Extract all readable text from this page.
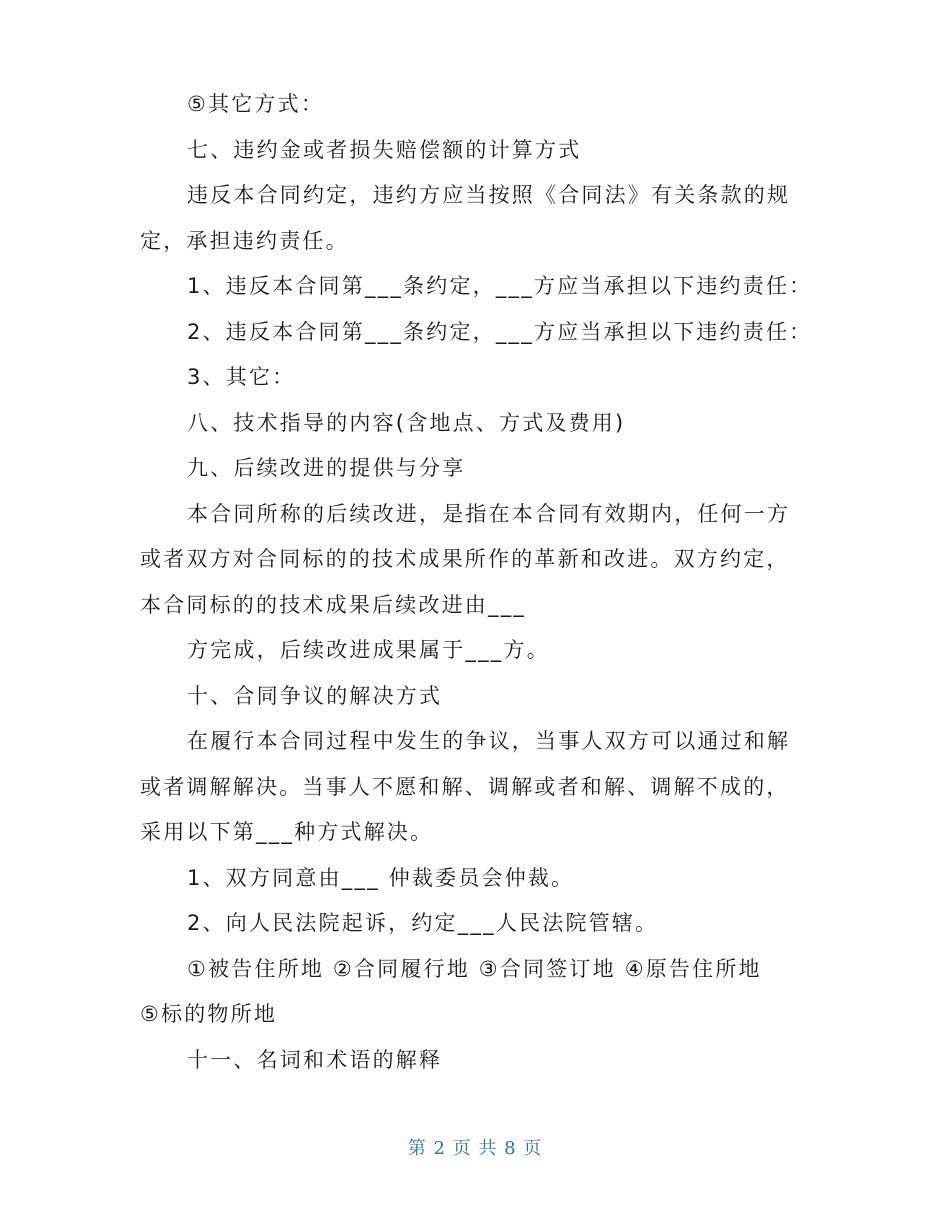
⑤其它方式：
七、违约金或者损失赔偿额的计算方式
违反本合同约定，违约方应当按照《合同法》有关条款的规
定，承担违约责任。
1、违反本合同第___条约定，___方应当承担以下违约责任：
2、违反本合同第___条约定，___方应当承担以下违约责任：
3、其它：
八、技术指导的内容(含地点、方式及费用)
九、后续改进的提供与分享
本合同所称的后续改进，是指在本合同有效期内，任何一方
或者双方对合同标的的技术成果所作的革新和改进。双方约定，
本合同标的的技术成果后续改进由___
方完成，后续改进成果属于___方。
十、合同争议的解决方式
在履行本合同过程中发生的争议，当事人双方可以通过和解
或者调解解决。当事人不愿和解、调解或者和解、调解不成的，
采用以下第___种方式解决。
1、双方同意由___ 仲裁委员会仲裁。
2、向人民法院起诉，约定___人民法院管辖。
①被告住所地 ②合同履行地 ③合同签订地 ④原告住所地
⑤标的物所地
十一、名词和术语的解释
第 2 页 共 8 页
